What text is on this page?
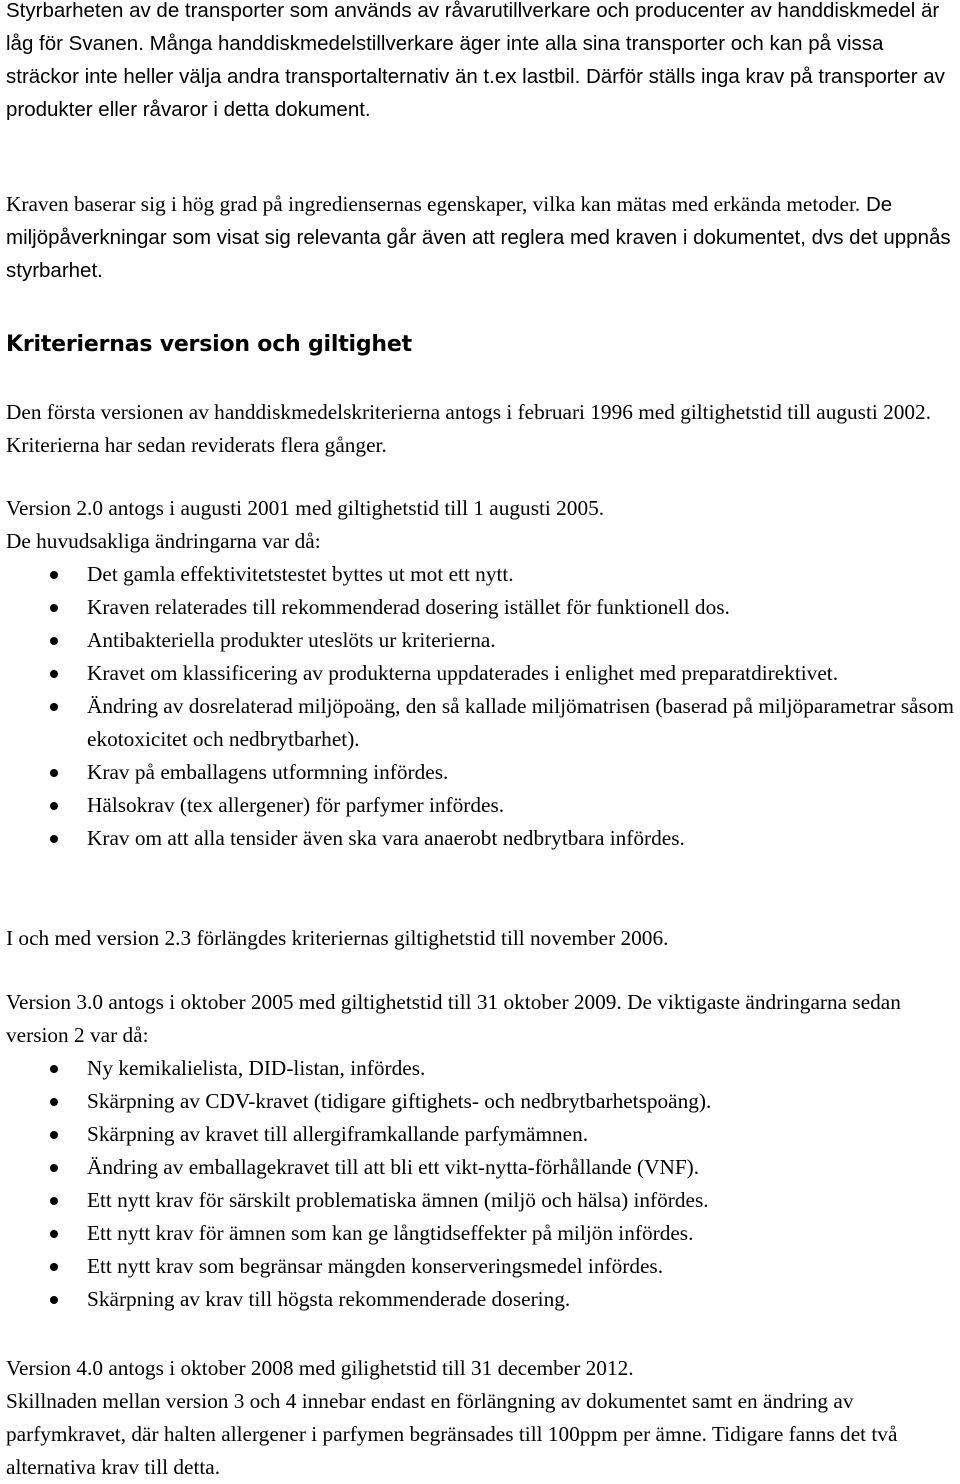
Styrbarheten av de transporter som används av råvarutillverkare och producenter av handdiskmedel är låg för Svanen. Många handdiskmedelstillverkare äger inte alla sina transporter och kan på vissa sträckor inte heller välja andra transportalternativ än t.ex lastbil. Därför ställs inga krav på transporter av produkter eller råvaror i detta dokument.

Kraven baserar sig i hög grad på ingrediensernas egenskaper, vilka kan mätas med erkända metoder. De miljöpåverkningar som visat sig relevanta går även att reglera med kraven i dokumentet, dvs det uppnås styrbarhet.

Kriteriernas version och giltighet

Den första versionen av handdiskmedelskriterierna antogs i februari 1996 med giltighetstid till augusti 2002. Kriterierna har sedan reviderats flera gånger.

Version 2.0 antogs i augusti 2001 med giltighetstid till 1 augusti 2005.

De huvudsakliga ändringarna var då:

Det gamla effektivitetstestet byttes ut mot ett nytt.
Kraven relaterades till rekommenderad dosering istället för funktionell dos.
Antibakteriella produkter uteslöts ur kriterierna.
Kravet om klassificering av produkterna uppdaterades i enlighet med preparatdirektivet.
Ändring av dosrelaterad miljöpoäng, den så kallade miljömatrisen (baserad på miljöparametrar såsom ekotoxicitet och nedbrytbarhet).
Krav på emballagens utformning infördes.
Hälsokrav (tex allergener) för parfymer infördes.
Krav om att alla tensider även ska vara anaerobt nedbrytbara infördes.

I och med version 2.3 förlängdes kriteriernas giltighetstid till november 2006.

Version 3.0 antogs i oktober 2005 med giltighetstid till 31 oktober 2009. De viktigaste ändringarna sedan version 2 var då:

Ny kemikalielista, DID-listan, infördes.
Skärpning av CDV-kravet (tidigare giftighets- och nedbrytbarhetspoäng).
Skärpning av kravet till allergiframkallande parfymämnen.
Ändring av emballagekravet till att bli ett vikt-nytta-förhållande (VNF).
Ett nytt krav för särskilt problematiska ämnen (miljö och hälsa) infördes.
Ett nytt krav för ämnen som kan ge långtidseffekter på miljön infördes.
Ett nytt krav som begränsar mängden konserveringsmedel infördes.
Skärpning av krav till högsta rekommenderade dosering.

Version 4.0 antogs i oktober 2008 med gilighetstid till 31 december 2012.

Skillnaden mellan version 3 och 4 innebar endast en förlängning av dokumentet samt en ändring av parfymkravet, där halten allergener i parfymen begränsades till 100ppm per ämne. Tidigare fanns det två alternativa krav till detta.
